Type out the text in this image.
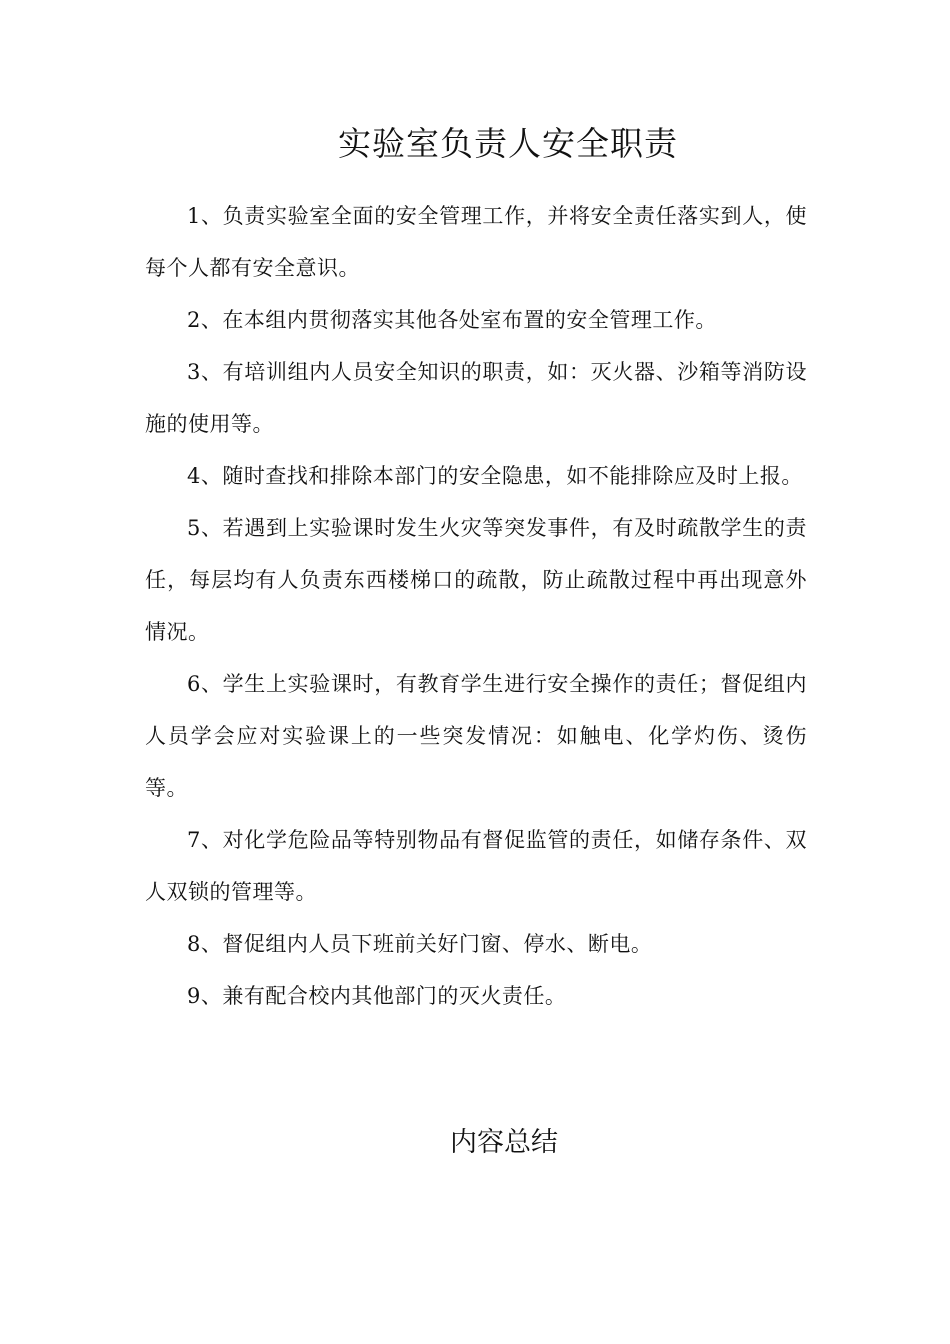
实验室负责人安全职责

1、负责实验室全面的安全管理工作，并将安全责任落实到人，使每个人都有安全意识。

2、在本组内贯彻落实其他各处室布置的安全管理工作。

3、有培训组内人员安全知识的职责，如：灭火器、沙箱等消防设施的使用等。

4、随时查找和排除本部门的安全隐患，如不能排除应及时上报。

5、若遇到上实验课时发生火灾等突发事件，有及时疏散学生的责任，每层均有人负责东西楼梯口的疏散，防止疏散过程中再出现意外情况。

6、学生上实验课时，有教育学生进行安全操作的责任；督促组内人员学会应对实验课上的一些突发情况：如触电、化学灼伤、烫伤等。

7、对化学危险品等特别物品有督促监管的责任，如储存条件、双人双锁的管理等。

8、督促组内人员下班前关好门窗、停水、断电。

9、兼有配合校内其他部门的灭火责任。

内容总结
